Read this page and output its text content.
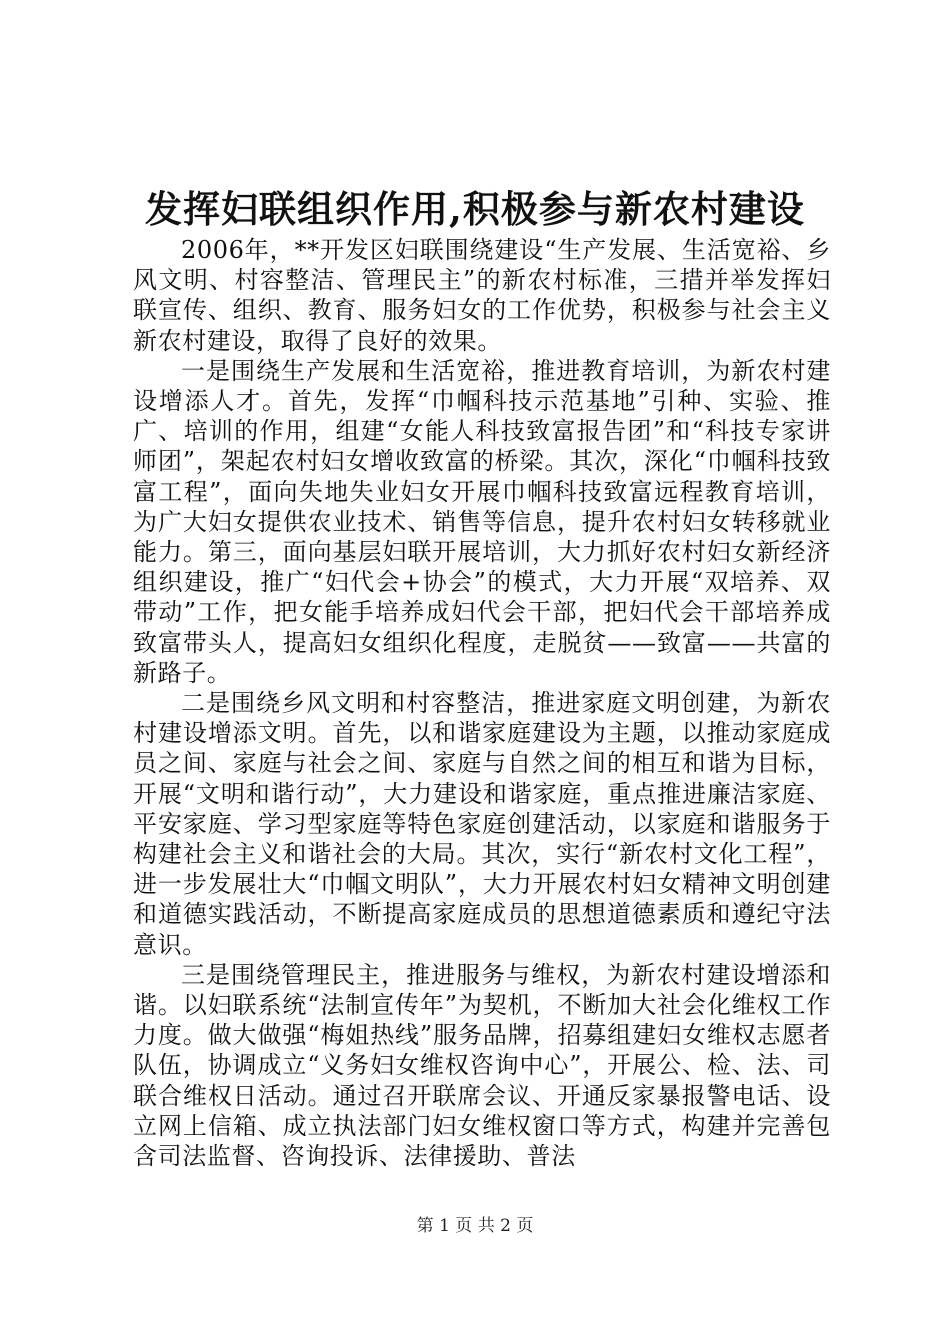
发挥妇联组织作用,积极参与新农村建设

2006年，**开发区妇联围绕建设“生产发展、生活宽裕、乡风文明、村容整洁、管理民主”的新农村标准，三措并举发挥妇联宣传、组织、教育、服务妇女的工作优势，积极参与社会主义新农村建设，取得了良好的效果。

一是围绕生产发展和生活宽裕，推进教育培训，为新农村建设增添人才。首先，发挥“巾帼科技示范基地”引种、实验、推广、培训的作用，组建“女能人科技致富报告团”和“科技专家讲师团”，架起农村妇女增收致富的桥梁。其次，深化“巾帼科技致富工程”，面向失地失业妇女开展巾帼科技致富远程教育培训，为广大妇女提供农业技术、销售等信息，提升农村妇女转移就业能力。第三，面向基层妇联开展培训，大力抓好农村妇女新经济组织建设，推广“妇代会+协会”的模式，大力开展“双培养、双带动”工作，把女能手培养成妇代会干部，把妇代会干部培养成致富带头人，提高妇女组织化程度，走脱贫——致富——共富的新路子。

二是围绕乡风文明和村容整洁，推进家庭文明创建，为新农村建设增添文明。首先，以和谐家庭建设为主题，以推动家庭成员之间、家庭与社会之间、家庭与自然之间的相互和谐为目标，开展“文明和谐行动”，大力建设和谐家庭，重点推进廉洁家庭、平安家庭、学习型家庭等特色家庭创建活动，以家庭和谐服务于构建社会主义和谐社会的大局。其次，实行“新农村文化工程”，进一步发展壮大“巾帼文明队”，大力开展农村妇女精神文明创建和道德实践活动，不断提高家庭成员的思想道德素质和遵纪守法意识。

三是围绕管理民主，推进服务与维权，为新农村建设增添和谐。以妇联系统“法制宣传年”为契机，不断加大社会化维权工作力度。做大做强“梅姐热线”服务品牌，招募组建妇女维权志愿者队伍，协调成立“义务妇女维权咨询中心”，开展公、检、法、司联合维权日活动。通过召开联席会议、开通反家暴报警电话、设立网上信箱、成立执法部门妇女维权窗口等方式，构建并完善包含司法监督、咨询投诉、法律援助、普法

第 1 页 共 2 页
